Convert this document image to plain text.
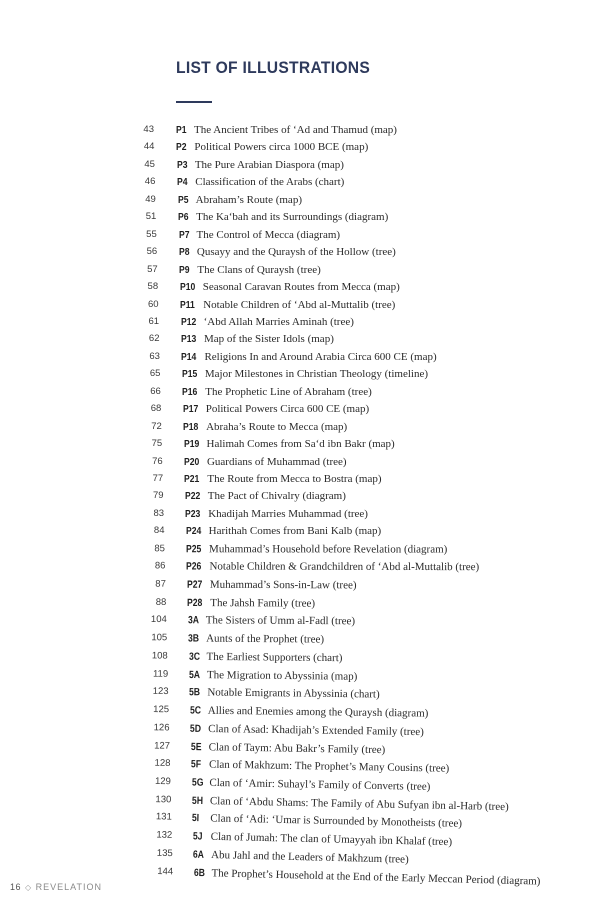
LIST OF ILLUSTRATIONS
43 P1 The Ancient Tribes of ‘Ad and Thamud (map)
44 P2 Political Powers circa 1000 BCE (map)
45 P3 The Pure Arabian Diaspora (map)
46 P4 Classification of the Arabs (chart)
49 P5 Abraham’s Route (map)
51 P6 The Ka‘bah and its Surroundings (diagram)
55 P7 The Control of Mecca (diagram)
56 P8 Qusayy and the Quraysh of the Hollow (tree)
57 P9 The Clans of Quraysh (tree)
58 P10 Seasonal Caravan Routes from Mecca (map)
60 P11 Notable Children of ‘Abd al-Muttalib (tree)
61 P12 ‘Abd Allah Marries Aminah (tree)
62 P13 Map of the Sister Idols (map)
63 P14 Religions In and Around Arabia Circa 600 CE (map)
65 P15 Major Milestones in Christian Theology (timeline)
66 P16 The Prophetic Line of Abraham (tree)
68 P17 Political Powers Circa 600 CE (map)
72 P18 Abraha’s Route to Mecca (map)
75 P19 Halimah Comes from Sa‘d ibn Bakr (map)
76 P20 Guardians of Muhammad (tree)
77 P21 The Route from Mecca to Bostra (map)
79 P22 The Pact of Chivalry (diagram)
83 P23 Khadijah Marries Muhammad (tree)
84 P24 Harithah Comes from Bani Kalb (map)
85 P25 Muhammad’s Household before Revelation (diagram)
86 P26 Notable Children & Grandchildren of ‘Abd al-Muttalib (tree)
87 P27 Muhammad’s Sons-in-Law (tree)
88 P28 The Jahsh Family (tree)
104 3A The Sisters of Umm al-Fadl (tree)
105 3B Aunts of the Prophet (tree)
108 3C The Earliest Supporters (chart)
119 5A The Migration to Abyssinia (map)
123 5B Notable Emigrants in Abyssinia (chart)
125 5C Allies and Enemies among the Quraysh (diagram)
126 5D Clan of Asad: Khadijah’s Extended Family (tree)
127 5E Clan of Taym: Abu Bakr’s Family (tree)
128 5F Clan of Makhzum: The Prophet’s Many Cousins (tree)
129 5G Clan of ‘Amir: Suhayl’s Family of Converts (tree)
130 5H Clan of ‘Abdu Shams: The Family of Abu Sufyan ibn al-Harb (tree)
131 5I Clan of ‘Adi: ‘Umar is Surrounded by Monotheists (tree)
132 5J Clan of Jumah: The clan of Umayyah ibn Khalaf (tree)
135 6A Abu Jahl and the Leaders of Makhzum (tree)
144 6B The Prophet’s Household at the End of the Early Meccan Period (diagram)
16 ◇ REVELATION
